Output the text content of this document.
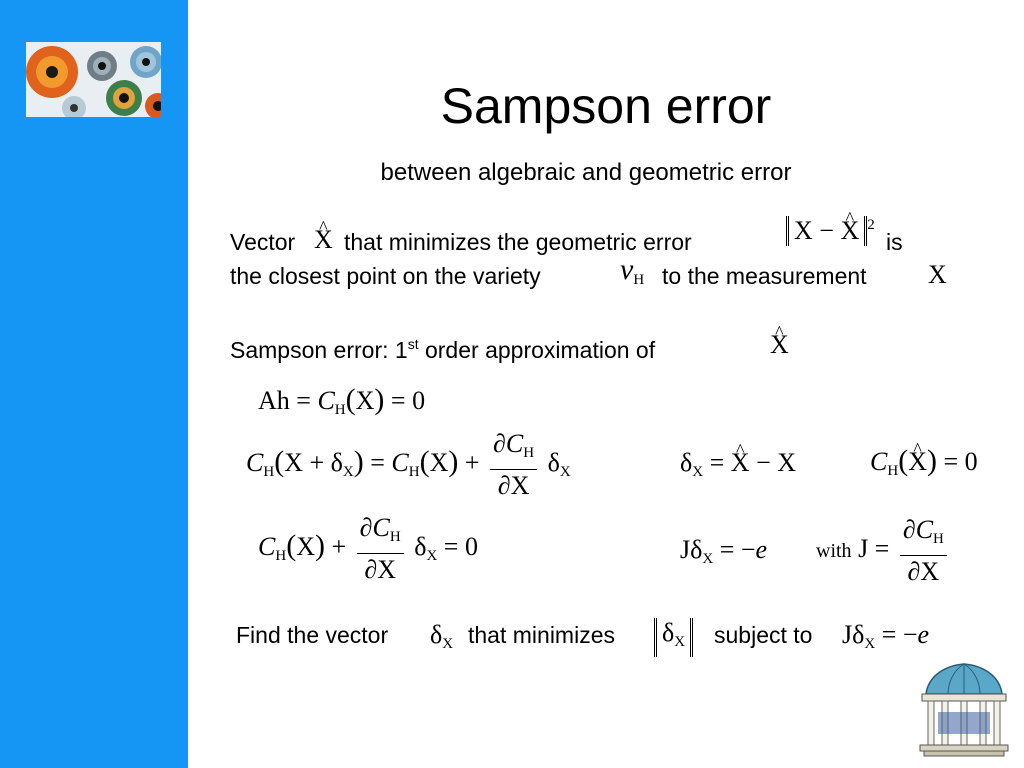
Sampson error
between algebraic and geometric error
Vector ^ X that minimizes the geometric error	X − ^ X $^2$
is
the closest point on the variety	$\nu_H$ to the measurement X
Sampson error: 1st order approximation of	^ X
$Ah = C_H(X) = 0$
$C_H(X + \delta_X) = C_H(X) + \frac{\partial C_H}{\partial X} \delta_X$	$\delta_X$ = ^ X − X	$C_H(\^{}$ X) = 0
$C_H(X) + \frac{\partial C_H}{\partial X} \delta_X = 0$	$J\delta_X = -e$ with $J = \frac{\partial C_H}{\partial X}$
Find the vector $\delta_X$ that minimizes	$\delta_X$	subject to $J\delta_X = -e$
